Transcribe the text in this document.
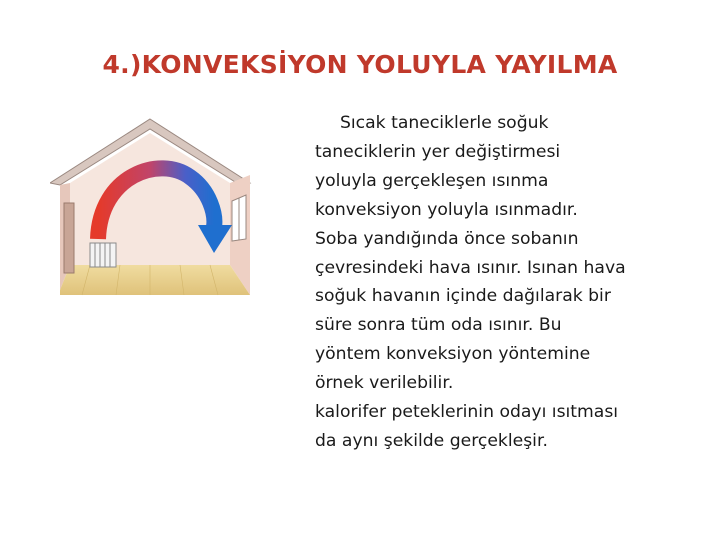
4.)KONVEKSİYON YOLUYLA YAYILMA
Sıcak taneciklerle soğuk
taneciklerin yer değiştirmesi
yoluyla gerçekleşen ısınma
konveksiyon yoluyla ısınmadır.
Soba yandığında önce sobanın
çevresindeki hava ısınır. Isınan hava
soğuk havanın içinde dağılarak bir
süre sonra tüm oda ısınır. Bu
yöntem konveksiyon yöntemine
örnek verilebilir.
kalorifer peteklerinin odayı ısıtması
da aynı şekilde gerçekleşir.
